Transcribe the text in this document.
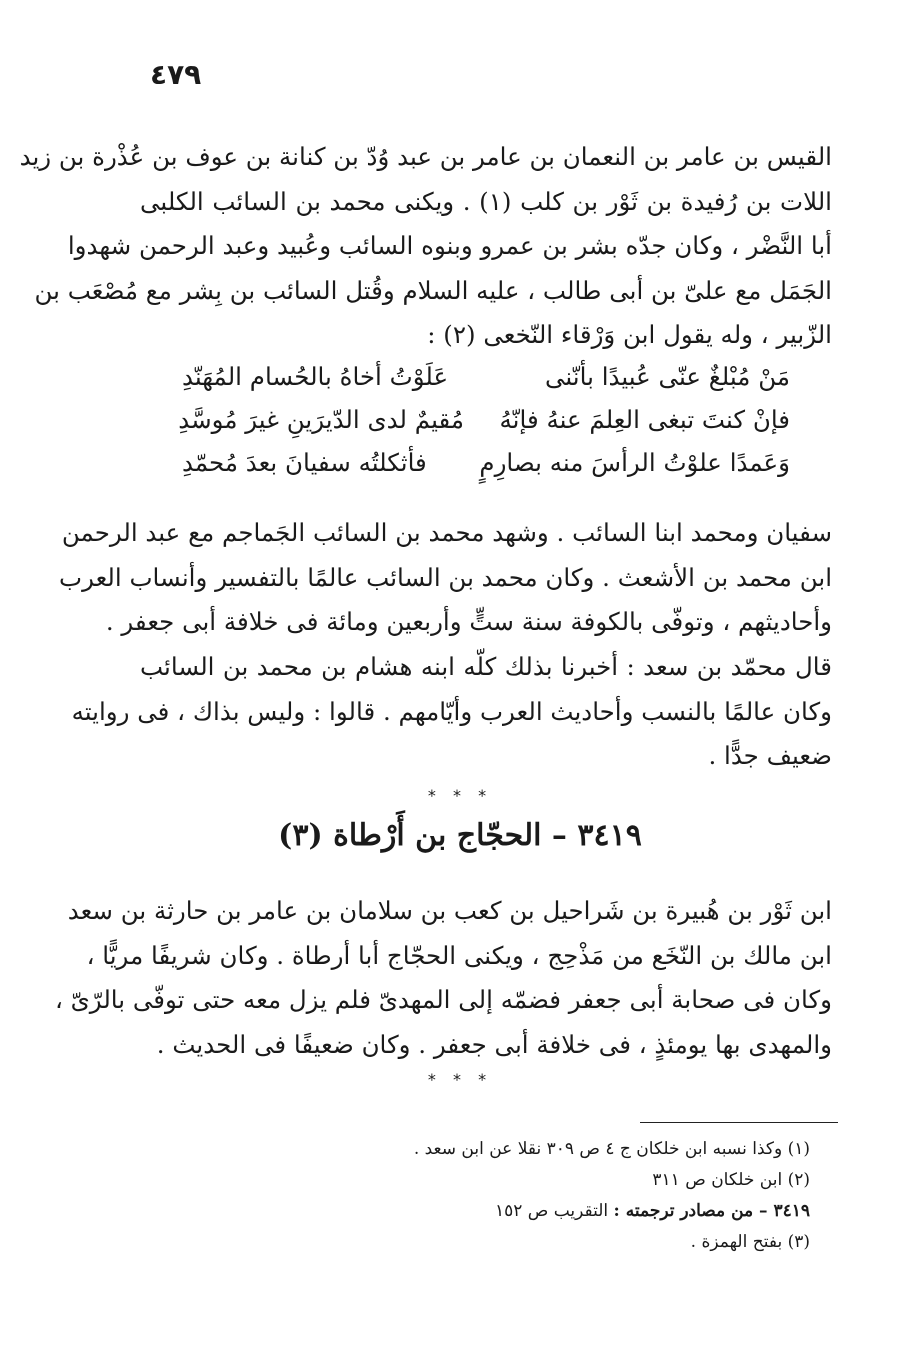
٤٧٩
القيس بن عامر بن النعمان بن عامر بن عبد وُدّ بن كنانة بن عوف بن عُذْرة بن زيد
اللات بن رُفيدة بن ثَوْر بن كلب (١) . ويكنى محمد بن السائب الكلبى
أبا النَّضْر ، وكان جدّه بشر بن عمرو وبنوه السائب وعُبيد وعبد الرحمن شهدوا
الجَمَل مع علىّ بن أبى طالب ، عليه السلام وقُتل السائب بن بِشر مع مُصْعَب بن
الزّبير ، وله يقول ابن وَرْقاء النّخعى (٢) :
مَنْ مُبْلغٌ عنّى عُبيدًا بأنّنى
عَلَوْتُ أخاهُ بالحُسام المُهَنّدِ
فإنْ كنتَ تبغى العِلمَ عنهُ فإنّهُ
مُقيمٌ لدى الدّيرَينِ غيرَ مُوسَّدِ
وَعَمدًا علوْتُ الرأسَ منه بصارِمٍ
فأثكلتُه سفيانَ بعدَ مُحمّدِ
سفيان ومحمد ابنا السائب . وشهد محمد بن السائب الجَماجم مع عبد الرحمن
ابن محمد بن الأشعث . وكان محمد بن السائب عالمًا بالتفسير وأنساب العرب
وأحاديثهم ، وتوفّى بالكوفة سنة ستٍّ وأربعين ومائة فى خلافة أبى جعفر .
قال محمّد بن سعد : أخبرنا بذلك كلّه ابنه هشام بن محمد بن السائب
وكان عالمًا بالنسب وأحاديث العرب وأيّامهم . قالوا : وليس بذاك ، فى روايته
ضعيف جدًّا .
* * *
٣٤١٩ – الحجّاج بن أَرْطاة (٣)
ابن ثَوْر بن هُبيرة بن شَراحيل بن كعب بن سلامان بن عامر بن حارثة بن سعد
ابن مالك بن النّخَع من مَذْحِج ، ويكنى الحجّاج أبا أرطاة . وكان شريفًا مريًّا ،
وكان فى صحابة أبى جعفر فضمّه إلى المهدىّ فلم يزل معه حتى توفّى بالرّىّ ،
والمهدى بها يومئذٍ ، فى خلافة أبى جعفر . وكان ضعيفًا فى الحديث .
* * *
(١) وكذا نسبه ابن خلكان ج ٤ ص ٣٠٩ نقلا عن ابن سعد .
(٢) ابن خلكان ص ٣١١
٣٤١٩ – من مصادر ترجمته : التقريب ص ١٥٢
(٣) بفتح الهمزة .
